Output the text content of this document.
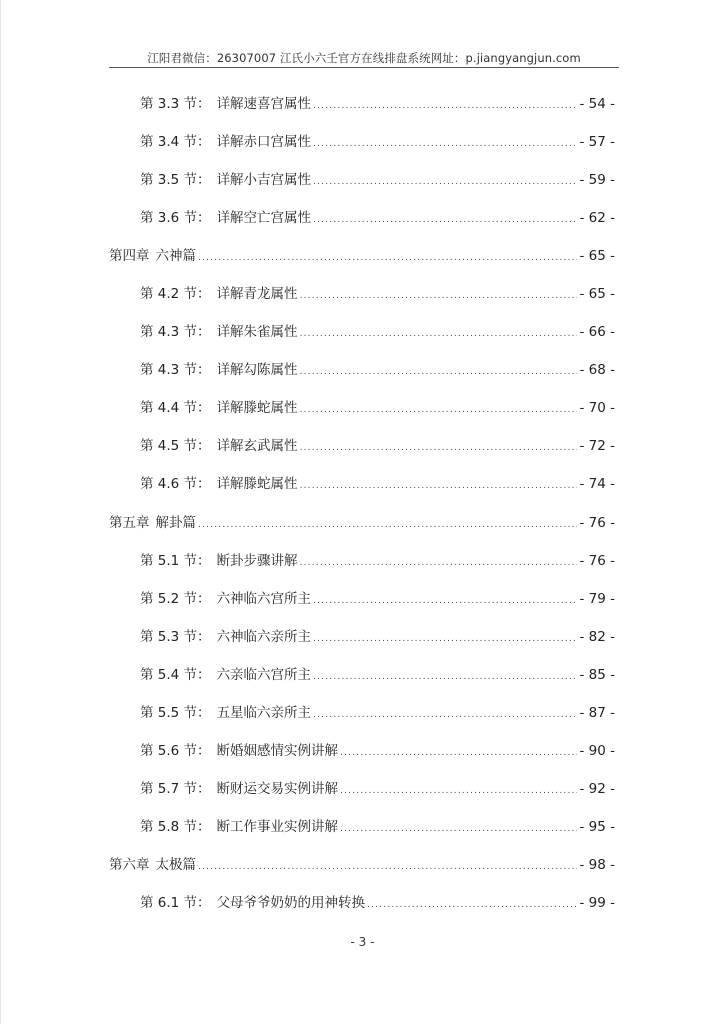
江阳君微信：26307007 江氏小六壬官方在线排盘系统网址：p.jiangyangjun.com
第 3.3 节： 详解速喜宫属性 .....	- 54 -
第 3.4 节： 详解赤口宫属性 .....	- 57 -
第 3.5 节： 详解小吉宫属性 .....	- 59 -
第 3.6 节： 详解空亡宫属性 .....	- 62 -
第四章 六神篇 .....	- 65 -
第 4.2 节： 详解青龙属性 .....	- 65 -
第 4.3 节： 详解朱雀属性 .....	- 66 -
第 4.3 节： 详解勾陈属性 .....	- 68 -
第 4.4 节： 详解滕蛇属性 .....	- 70 -
第 4.5 节： 详解玄武属性 .....	- 72 -
第 4.6 节： 详解滕蛇属性 .....	- 74 -
第五章 解卦篇 .....	- 76 -
第 5.1 节： 断卦步骤讲解 .....	- 76 -
第 5.2 节： 六神临六宫所主 .....	- 79 -
第 5.3 节： 六神临六亲所主 .....	- 82 -
第 5.4 节： 六亲临六宫所主 .....	- 85 -
第 5.5 节： 五星临六亲所主 .....	- 87 -
第 5.6 节： 断婚姻感情实例讲解 .....	- 90 -
第 5.7 节： 断财运交易实例讲解 .....	- 92 -
第 5.8 节： 断工作事业实例讲解 .....	- 95 -
第六章 太极篇 .....	- 98 -
第 6.1 节： 父母爷爷奶奶的用神转换 .....	- 99 -
- 3 -
